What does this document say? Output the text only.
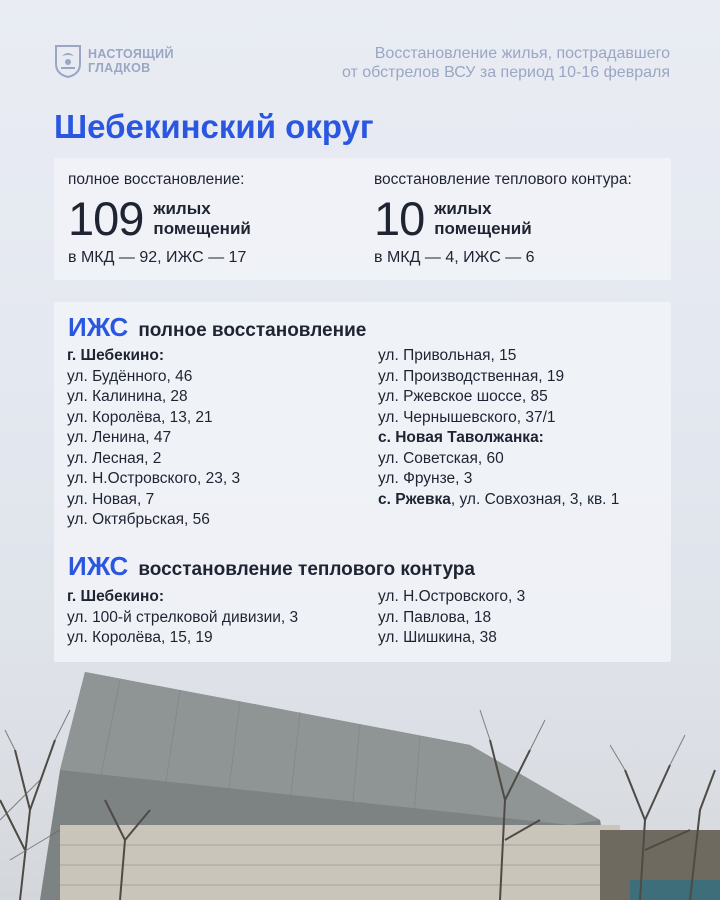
НАСТОЯЩИЙ
ГЛАДКОВ
Восстановление жилья, пострадавшего
от обстрелов ВСУ за период 10-16 февраля
Шебекинский округ
полное восстановление:
109 жилых
помещений
в МКД — 92, ИЖС — 17
восстановление теплового контура:
10 жилых
помещений
в МКД — 4, ИЖС — 6
ИЖС полное восстановление
г. Шебекино:
ул. Будённого, 46
ул. Калинина, 28
ул. Королёва, 13, 21
ул. Ленина, 47
ул. Лесная, 2
ул. Н.Островского, 23, 3
ул. Новая, 7
ул. Октябрьская, 56
ул. Привольная, 15
ул. Производственная, 19
ул. Ржевское шоссе, 85
ул. Чернышевского, 37/1
с. Новая Таволжанка:
ул. Советская, 60
ул. Фрунзе, 3
с. Ржевка, ул. Совхозная, 3, кв. 1
ИЖС восстановление теплового контура
г. Шебекино:
ул. 100-й стрелковой дивизии, 3
ул. Королёва, 15, 19
ул. Н.Островского, 3
ул. Павлова, 18
ул. Шишкина, 38
